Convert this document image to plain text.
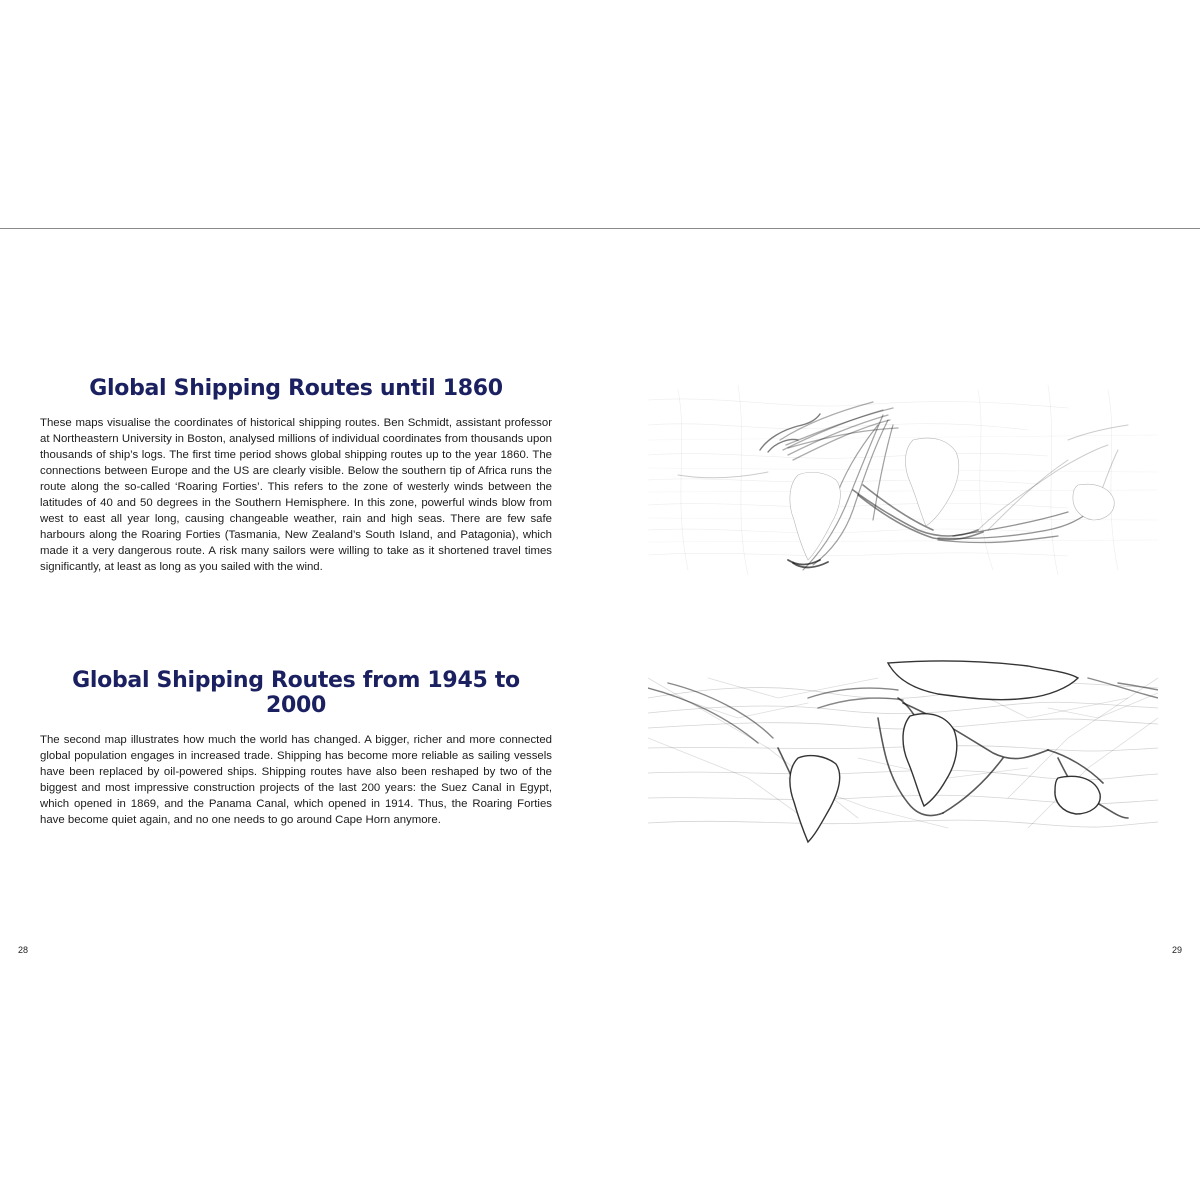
Global Shipping Routes until 1860

These maps visualise the coordinates of historical shipping routes. Ben Schmidt, assistant professor at Northeastern University in Boston, analysed millions of individual coordinates from thousands upon thousands of ship’s logs. The first time period shows global shipping routes up to the year 1860. The connections between Europe and the US are clearly visible. Below the southern tip of Africa runs the route along the so-called ‘Roaring Forties’. This refers to the zone of westerly winds between the latitudes of 40 and 50 degrees in the Southern Hemisphere. In this zone, powerful winds blow from west to east all year long, causing changeable weather, rain and high seas. There are few safe harbours along the Roaring Forties (Tasmania, New Zealand’s South Island, and Patagonia), which made it a very dangerous route. A risk many sailors were willing to take as it shortened travel times significantly, at least as long as you sailed with the wind.

Global Shipping Routes from 1945 to 2000

The second map illustrates how much the world has changed. A bigger, richer and more connected global population engages in increased trade. Shipping has become more reliable as sailing vessels have been replaced by oil-powered ships. Shipping routes have also been reshaped by two of the biggest and most impressive construction projects of the last 200 years: the Suez Canal in Egypt, which opened in 1869, and the Panama Canal, which opened in 1914. Thus, the Roaring Forties have become quiet again, and no one needs to go around Cape Horn anymore.

28	29
